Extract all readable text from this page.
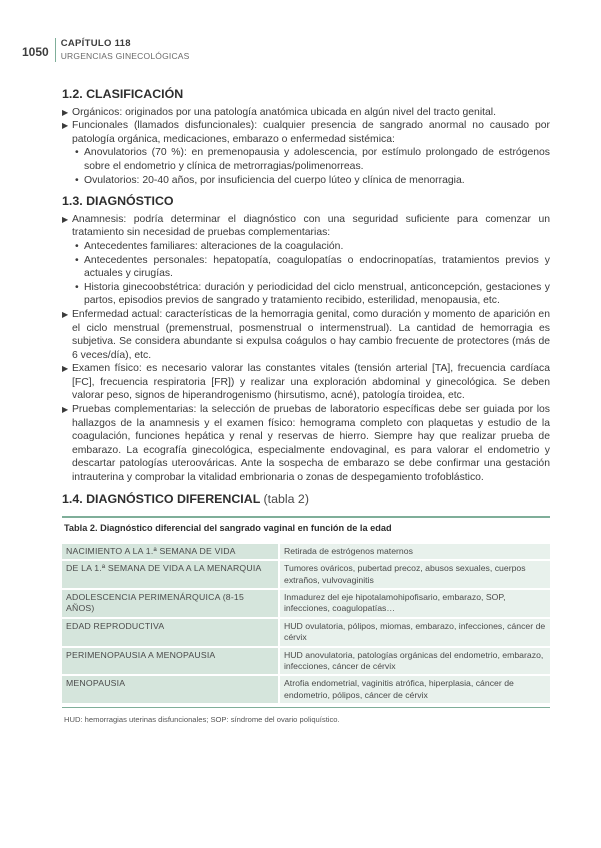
1050
CAPÍTULO 118
URGENCIAS GINECOLÓGICAS
1.2. CLASIFICACIÓN
▶ Orgánicos: originados por una patología anatómica ubicada en algún nivel del tracto genital.
▶ Funcionales (llamados disfuncionales): cualquier presencia de sangrado anormal no causado por patología orgánica, medicaciones, embarazo o enfermedad sistémica:
• Anovulatorios (70 %): en premenopausia y adolescencia, por estímulo prolongado de estrógenos sobre el endometrio y clínica de metrorragias/polimenorreas.
• Ovulatorios: 20-40 años, por insuficiencia del cuerpo lúteo y clínica de menorragia.
1.3. DIAGNÓSTICO
▶ Anamnesis: podría determinar el diagnóstico con una seguridad suficiente para comenzar un tratamiento sin necesidad de pruebas complementarias:
• Antecedentes familiares: alteraciones de la coagulación.
• Antecedentes personales: hepatopatía, coagulopatías o endocrinopatías, tratamientos previos y actuales y cirugías.
• Historia ginecoobstétrica: duración y periodicidad del ciclo menstrual, anticoncepción, gestaciones y partos, episodios previos de sangrado y tratamiento recibido, esterilidad, menopausia, etc.
▶ Enfermedad actual: características de la hemorragia genital, como duración y momento de aparición en el ciclo menstrual (premenstrual, posmenstrual o intermenstrual). La cantidad de hemorragia es subjetiva. Se considera abundante si expulsa coágulos o hay cambio frecuente de protectores (más de 6 veces/día), etc.
▶ Examen físico: es necesario valorar las constantes vitales (tensión arterial [TA], frecuencia cardíaca [FC], frecuencia respiratoria [FR]) y realizar una exploración abdominal y ginecológica. Se deben valorar peso, signos de hiperandrogenismo (hirsutismo, acné), patología tiroidea, etc.
▶ Pruebas complementarias: la selección de pruebas de laboratorio específicas debe ser guiada por los hallazgos de la anamnesis y el examen físico: hemograma completo con plaquetas y estudio de la coagulación, funciones hepática y renal y reservas de hierro. Siempre hay que realizar prueba de embarazo. La ecografía ginecológica, especialmente endovaginal, es para valorar el endometrio y descartar patologías uteroováricas. Ante la sospecha de embarazo se debe confirmar una gestación intrauterina y comprobar la vitalidad embrionaria o zonas de despegamiento trofoblástico.
1.4. DIAGNÓSTICO DIFERENCIAL (tabla 2)
Tabla 2. Diagnóstico diferencial del sangrado vaginal en función de la edad
NACIMIENTO A LA 1.ª SEMANA DE VIDA	Retirada de estrógenos maternos
DE LA 1.ª SEMANA DE VIDA A LA MENARQUIA	Tumores ováricos, pubertad precoz, abusos sexuales, cuerpos extraños, vulvovaginitis
ADOLESCENCIA PERIMENÁRQUICA (8-15 AÑOS)	Inmadurez del eje hipotalamohipofisario, embarazo, SOP, infecciones, coagulopatías…
EDAD REPRODUCTIVA	HUD ovulatoria, pólipos, miomas, embarazo, infecciones, cáncer de cérvix
PERIMENOPAUSIA A MENOPAUSIA	HUD anovulatoria, patologías orgánicas del endometrio, embarazo, infecciones, cáncer de cérvix
MENOPAUSIA	Atrofia endometrial, vaginitis atrófica, hiperplasia, cáncer de endometrio, pólipos, cáncer de cérvix
HUD: hemorragias uterinas disfuncionales; SOP: síndrome del ovario poliquístico.
